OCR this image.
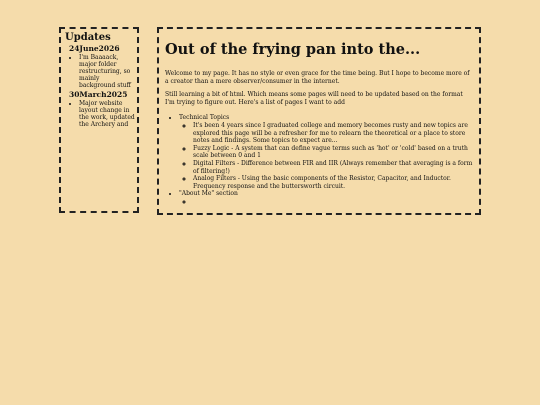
Updates
24June2026
• I'm Baaaack, major folder restructuring, so mainly background stuff
30March2025
• Major website layout change in the work, updated the Archery and
Out of the frying pan into the...

Welcome to my page. It has no style or even grace for the time being. But I hope to become more of a creator than a mere observer/consumer in the internet.

Still learning a bit of html. Which means some pages will need to be updated based on the format I'm trying to figure out. Here's a list of pages I want to add

• Technical Topics
◦ It's been 4 years since I graduated college and memory becomes rusty and new topics are explored this page will be a refresher for me to relearn the theoretical or a place to store notes and findings. Some topics to expect are...
◦ Fuzzy Logic - A system that can define vague terms such as 'hot' or 'cold' based on a truth scale between 0 and 1
◦ Digital Filters - Difference between FIR and IIR (Always remember that averaging is a form of filtering!)
◦ Analog Filters - Using the basic components of the Resistor, Capacitor, and Inductor. Frequency response and the buttersworth circuit.
• "About Me" section
◦
